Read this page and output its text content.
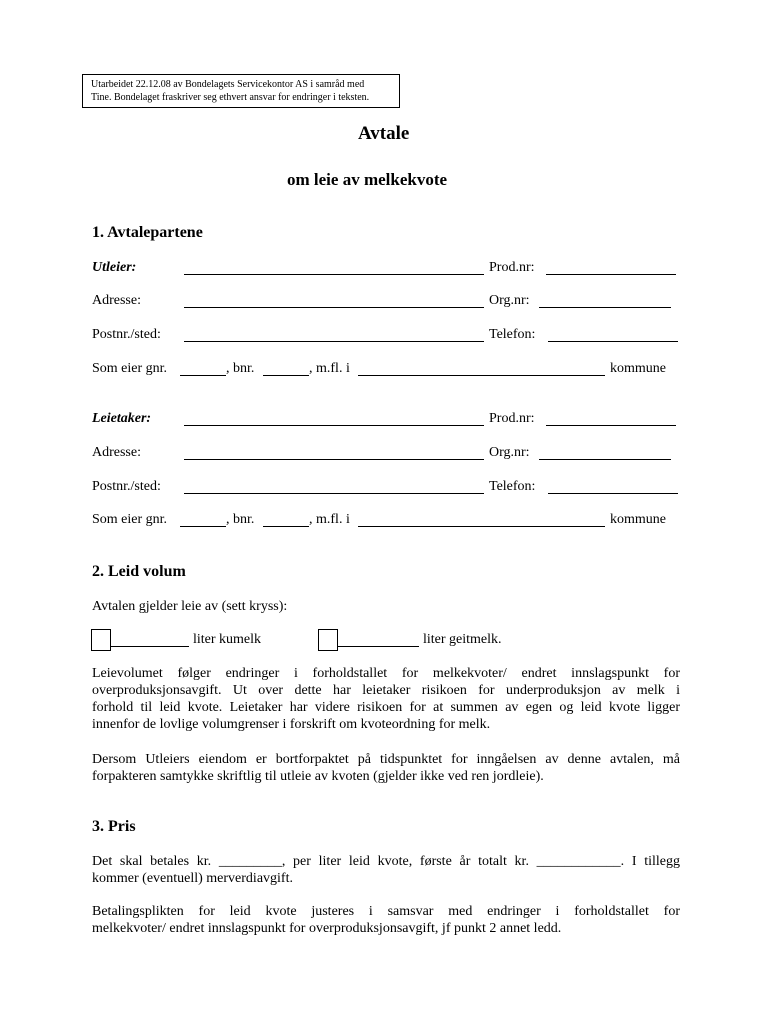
Utarbeidet 22.12.08 av Bondelagets Servicekontor AS i samråd med
Tine. Bondelaget fraskriver seg ethvert ansvar for endringer i teksten.
Avtale
om leie av melkekvote
1. Avtalepartene
Utleier:	Prod.nr:
Adresse:	Org.nr:
Postnr./sted:	Telefon:
Som eier gnr.	, bnr.	, m.fl. i	kommune
Leietaker:	Prod.nr:
Adresse:	Org.nr:
Postnr./sted:	Telefon:
Som eier gnr.	, bnr.	, m.fl. i	kommune
2. Leid volum
Avtalen gjelder leie av (sett kryss):
liter kumelk	liter geitmelk.
Leievolumet følger endringer i forholdstallet for melkekvoter/ endret innslagspunkt for
overproduksjonsavgift. Ut over dette har leietaker risikoen for underproduksjon av melk i
forhold til leid kvote. Leietaker har videre risikoen for at summen av egen og leid kvote ligger
innenfor de lovlige volumgrenser i forskrift om kvoteordning for melk.
Dersom Utleiers eiendom er bortforpaktet på tidspunktet for inngåelsen av denne avtalen, må
forpakteren samtykke skriftlig til utleie av kvoten (gjelder ikke ved ren jordleie).
3. Pris
Det skal betales kr. _________, per liter leid kvote, første år totalt kr. ____________. I tillegg
kommer (eventuell) merverdiavgift.
Betalingsplikten for leid kvote justeres i samsvar med endringer i forholdstallet for
melkekvoter/ endret innslagspunkt for overproduksjonsavgift, jf punkt 2 annet ledd.
